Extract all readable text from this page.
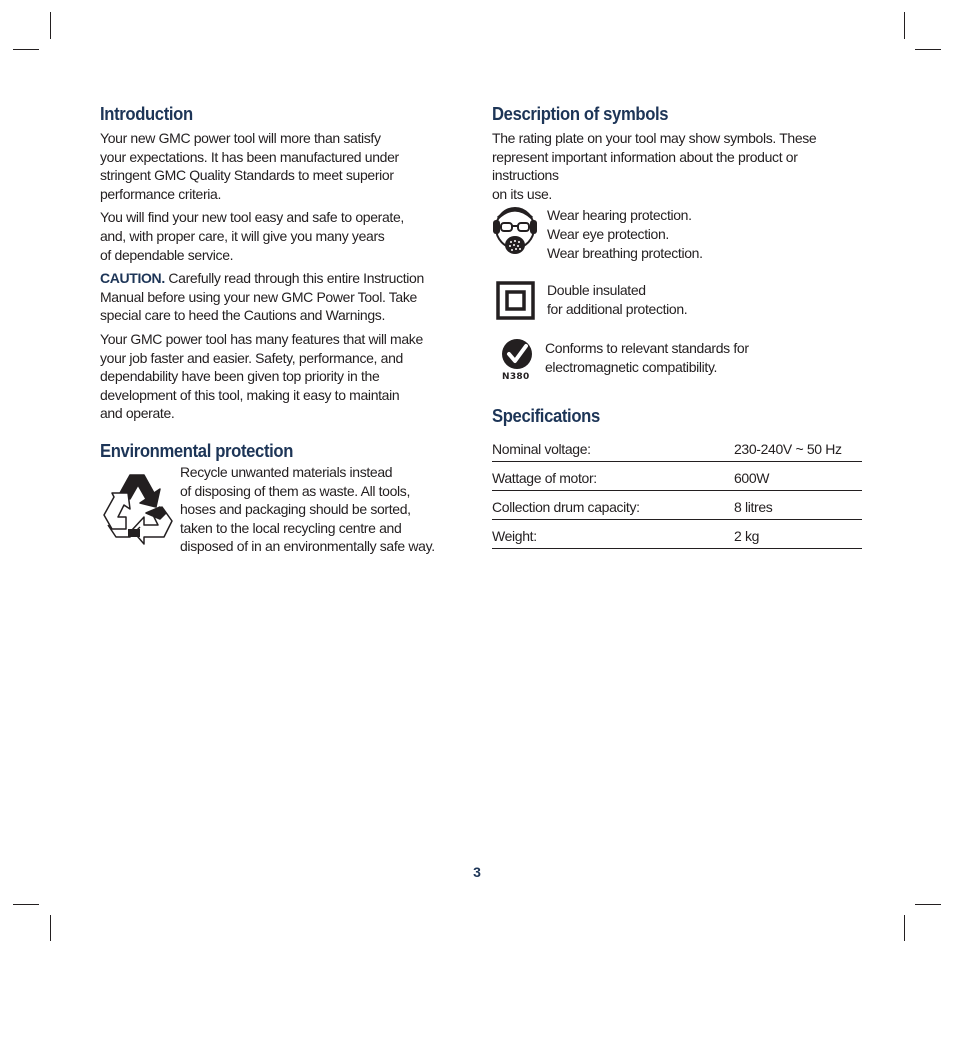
Introduction

Your new GMC power tool will more than satisfy
your expectations. It has been manufactured under
stringent GMC Quality Standards to meet superior
performance criteria.

You will find your new tool easy and safe to operate,
and, with proper care, it will give you many years
of dependable service.

CAUTION. Carefully read through this entire Instruction
Manual before using your new GMC Power Tool. Take
special care to heed the Cautions and Warnings.

Your GMC power tool has many features that will make
your job faster and easier. Safety, performance, and
dependability have been given top priority in the
development of this tool, making it easy to maintain
and operate.

Environmental protection

Recycle unwanted materials instead
of disposing of them as waste. All tools,
hoses and packaging should be sorted,
taken to the local recycling centre and
disposed of in an environmentally safe way.

Description of symbols

The rating plate on your tool may show symbols. These
represent important information about the product or instructions
on its use.

Wear hearing protection.
Wear eye protection.
Wear breathing protection.

Double insulated
for additional protection.

N380

Conforms to relevant standards for
electromagnetic compatibility.

Specifications
Nominal voltage:	230-240V ~ 50 Hz
Wattage of motor:	600W
Collection drum capacity:	8 litres
Weight:	2 kg
3
